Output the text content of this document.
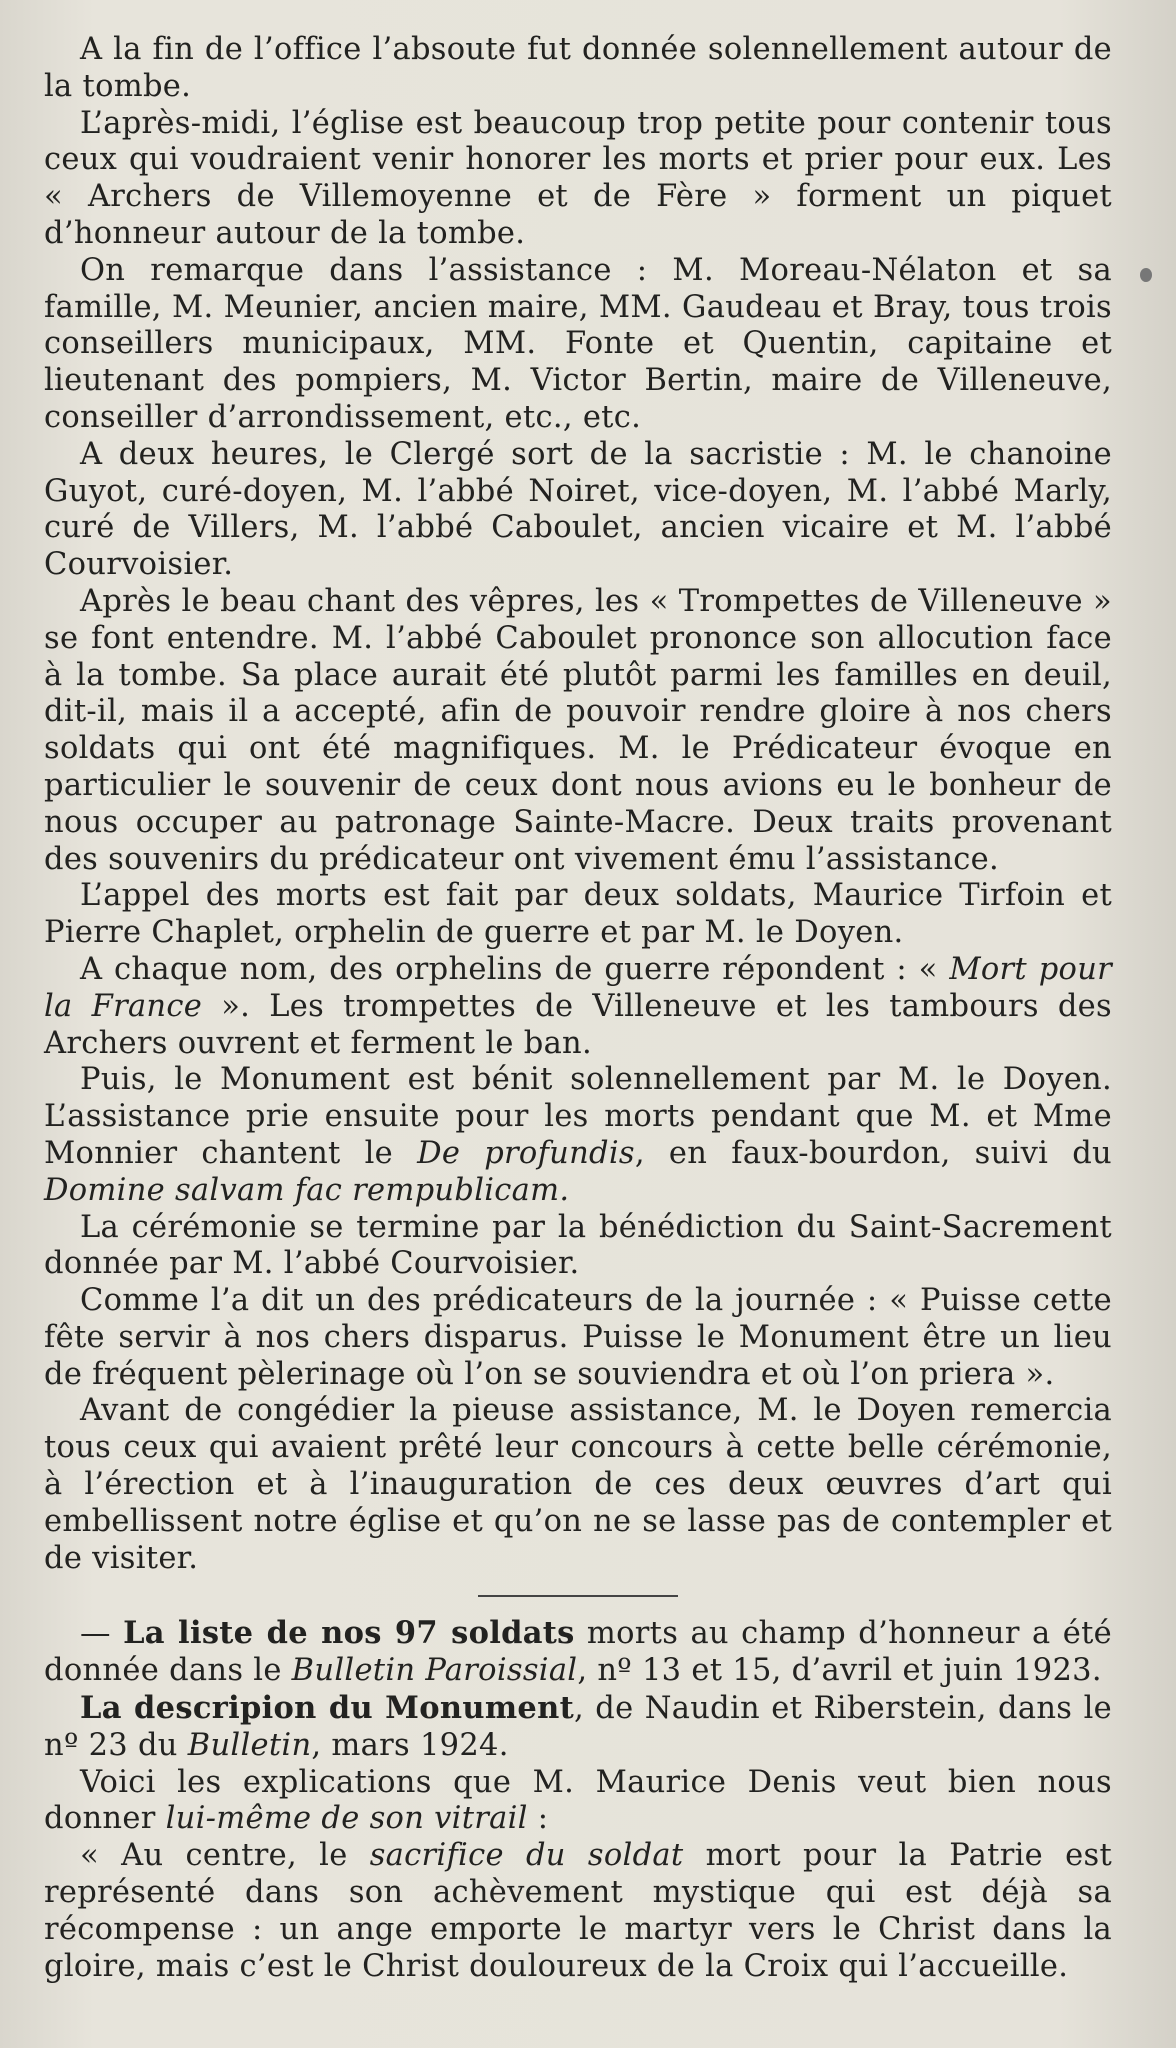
A la fin de l’office l’absoute fut donnée solennellement autour de la tombe.

L’après-midi, l’église est beaucoup trop petite pour contenir tous ceux qui voudraient venir honorer les morts et prier pour eux. Les « Archers de Villemoyenne et de Fère » forment un piquet d’honneur autour de la tombe.

On remarque dans l’assistance : M. Moreau-Nélaton et sa famille, M. Meunier, ancien maire, MM. Gaudeau et Bray, tous trois conseillers municipaux, MM. Fonte et Quentin, capitaine et lieutenant des pompiers, M. Victor Bertin, maire de Villeneuve, conseiller d’arrondissement, etc., etc.

A deux heures, le Clergé sort de la sacristie : M. le chanoine Guyot, curé-doyen, M. l’abbé Noiret, vice-doyen, M. l’abbé Marly, curé de Villers, M. l’abbé Caboulet, ancien vicaire et M. l’abbé Courvoisier.

Après le beau chant des vêpres, les « Trompettes de Villeneuve » se font entendre. M. l’abbé Caboulet prononce son allocution face à la tombe. Sa place aurait été plutôt parmi les familles en deuil, dit-il, mais il a accepté, afin de pouvoir rendre gloire à nos chers soldats qui ont été magnifiques. M. le Prédicateur évoque en particulier le souvenir de ceux dont nous avions eu le bonheur de nous occuper au patronage Sainte-Macre. Deux traits provenant des souvenirs du prédicateur ont vivement ému l’assistance.

L’appel des morts est fait par deux soldats, Maurice Tirfoin et Pierre Chaplet, orphelin de guerre et par M. le Doyen.

A chaque nom, des orphelins de guerre répondent : « Mort pour la France ». Les trompettes de Villeneuve et les tambours des Archers ouvrent et ferment le ban.

Puis, le Monument est bénit solennellement par M. le Doyen. L’assistance prie ensuite pour les morts pendant que M. et Mme Monnier chantent le De profundis, en faux-bourdon, suivi du Domine salvam fac rempublicam.

La cérémonie se termine par la bénédiction du Saint-Sacrement donnée par M. l’abbé Courvoisier.

Comme l’a dit un des prédicateurs de la journée : « Puisse cette fête servir à nos chers disparus. Puisse le Monument être un lieu de fréquent pèlerinage où l’on se souviendra et où l’on priera ».

Avant de congédier la pieuse assistance, M. le Doyen remercia tous ceux qui avaient prêté leur concours à cette belle cérémonie, à l’érection et à l’inauguration de ces deux œuvres d’art qui embellissent notre église et qu’on ne se lasse pas de contempler et de visiter.

— La liste de nos 97 soldats morts au champ d’honneur a été donnée dans le Bulletin Paroissial, nº 13 et 15, d’avril et juin 1923.

La descripion du Monument, de Naudin et Riberstein, dans le nº 23 du Bulletin, mars 1924.

Voici les explications que M. Maurice Denis veut bien nous donner lui-même de son vitrail :

« Au centre, le sacrifice du soldat mort pour la Patrie est représenté dans son achèvement mystique qui est déjà sa récompense : un ange emporte le martyr vers le Christ dans la gloire, mais c’est le Christ douloureux de la Croix qui l’accueille.
